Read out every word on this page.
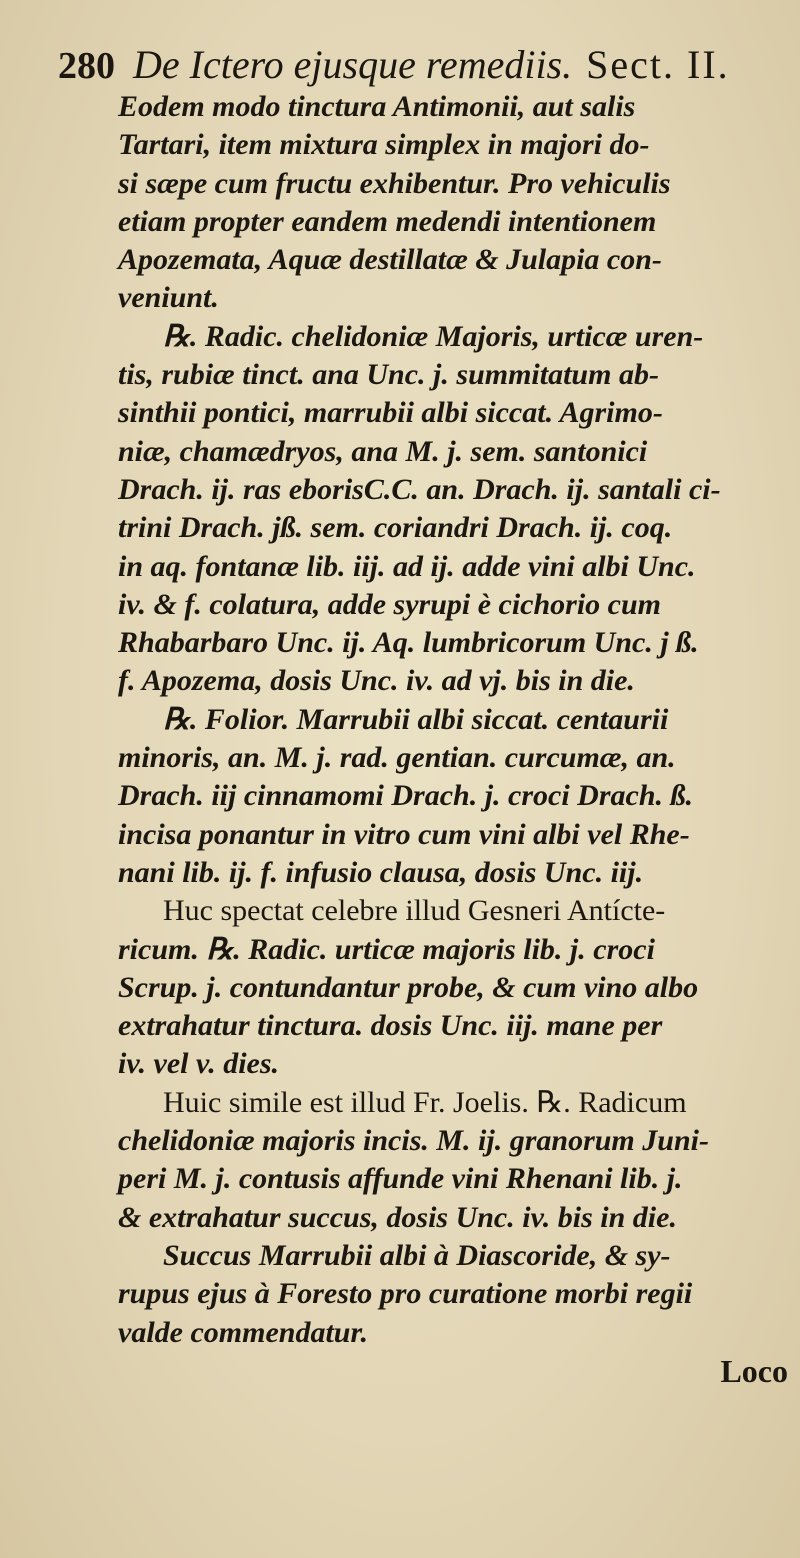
280 De Ictero ejusque remediis. Sect. II.
Eodem modo tinctura Antimonii, aut salis
Tartari, item mixtura simplex in majori do-
si sæpe cum fructu exhibentur. Pro vehiculis
etiam propter eandem medendi intentionem
Apozemata, Aquæ destillatæ & Julapia con-
veniunt.
℞. Radic. chelidoniæ Majoris, urticæ uren-
tis, rubiæ tinct. ana Unc. j. summitatum ab-
sinthii pontici, marrubii albi siccat. Agrimo-
niæ, chamædryos, ana M. j. sem. santonici
Drach. ij. ras eborisC.C. an. Drach. ij. santali ci-
trini Drach. jß. sem. coriandri Drach. ij. coq.
in aq. fontanæ lib. iij. ad ij. adde vini albi Unc.
iv. & f. colatura, adde syrupi è cichorio cum
Rhabarbaro Unc. ij. Aq. lumbricorum Unc. j ß.
f. Apozema, dosis Unc. iv. ad vj. bis in die.
℞. Folior. Marrubii albi siccat. centaurii
minoris, an. M. j. rad. gentian. curcumæ, an.
Drach. iij cinnamomi Drach. j. croci Drach. ß.
incisa ponantur in vitro cum vini albi vel Rhe-
nani lib. ij. f. infusio clausa, dosis Unc. iij.
Huc spectat celebre illud Gesneri Antícte-
ricum. ℞. Radic. urticæ majoris lib. j. croci
Scrup. j. contundantur probe, & cum vino albo
extrahatur tinctura. dosis Unc. iij. mane per
iv. vel v. dies.
Huic simile est illud Fr. Joelis. ℞. Radicum
chelidoniæ majoris incis. M. ij. granorum Juni-
peri M. j. contusis affunde vini Rhenani lib. j.
& extrahatur succus, dosis Unc. iv. bis in die.
Succus Marrubii albi à Diascoride, & sy-
rupus ejus à Foresto pro curatione morbi regii
valde commendatur.
Loco
